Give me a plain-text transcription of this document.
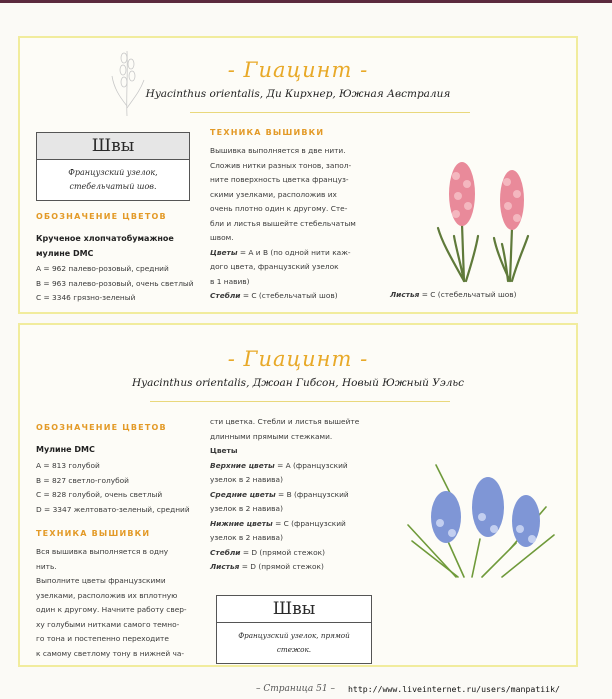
- Гиацинт -
Hyacinthus orientalis, Ди Кирхнер, Южная Австралия
Швы
Французский узелок,
стебельчатый шов.
ОБОЗНАЧЕНИЕ ЦВЕТОВ
Крученое хлопчатобумажное
мулине DMC
A = 962 палево-розовый, средний
B = 963 палево-розовый, очень светлый
C = 3346 грязно-зеленый
ТЕХНИКА ВЫШИВКИ
Вышивка выполняется в две нити.
Сложив нитки разных тонов, запол-
ните поверхность цветка француз-
скими узелками, расположив их
очень плотно один к другому. Сте-
бли и листья вышейте стебельчатым
швом.
Цветы = А и В (по одной нити каж-
дого цвета, французский узелок
в 1 навив)
Стебли = С (стебельчатый шов)	Листья = С (стебельчатый шов)
- Гиацинт -
Hyacinthus orientalis, Джоан Гибсон, Новый Южный Уэльс
ОБОЗНАЧЕНИЕ ЦВЕТОВ
Мулине DMC
A = 813 голубой
B = 827 светло-голубой
C = 828 голубой, очень светлый
D = 3347 желтовато-зеленый, средний
ТЕХНИКА ВЫШИВКИ
Вся вышивка выполняется в одну
нить.
Выполните цветы французскими
узелками, расположив их вплотную
один к другому. Начните работу свер-
ху голубыми нитками самого темно-
го тона и постепенно переходите
к самому светлому тону в нижней ча-
сти цветка. Стебли и листья вышейте
длинными прямыми стежками.
Цветы
Верхние цветы = А (французский
узелок в 2 навива)
Средние цветы = В (французский
узелок в 2 навива)
Нижние цветы = С (французский
узелок в 2 навива)
Стебли = D (прямой стежок)
Листья = D (прямой стежок)
Швы
Французский узелок, прямой стежок.
– Страница 51 – http://www.liveinternet.ru/users/manpatiik/
